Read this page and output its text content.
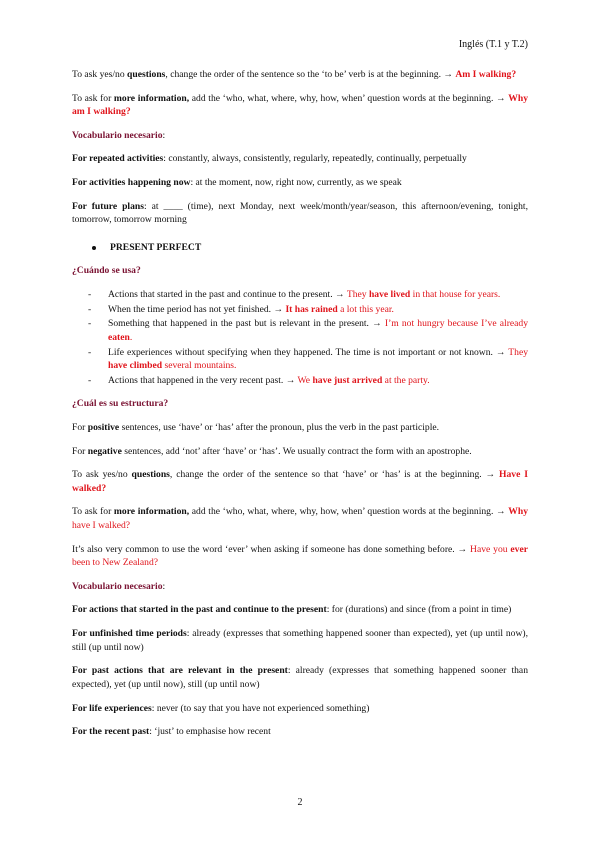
Inglés (T.1 y T.2)

To ask yes/no questions, change the order of the sentence so the ‘to be’ verb is at the beginning. → Am I walking?

To ask for more information, add the ‘who, what, where, why, how, when’ question words at the beginning. → Why am I walking?

Vocabulario necesario:

For repeated activities: constantly, always, consistently, regularly, repeatedly, continually, perpetually

For activities happening now: at the moment, now, right now, currently, as we speak

For future plans: at ____ (time), next Monday, next week/month/year/season, this afternoon/evening, tonight, tomorrow, tomorrow morning

PRESENT PERFECT

¿Cuándo se usa?

- Actions that started in the past and continue to the present. → They have lived in that house for years.
- When the time period has not yet finished. → It has rained a lot this year.
- Something that happened in the past but is relevant in the present. → I’m not hungry because I’ve already eaten.
- Life experiences without specifying when they happened. The time is not important or not known. → They have climbed several mountains.
- Actions that happened in the very recent past. → We have just arrived at the party.

¿Cuál es su estructura?

For positive sentences, use ‘have’ or ‘has’ after the pronoun, plus the verb in the past participle.

For negative sentences, add ‘not’ after ‘have’ or ‘has’. We usually contract the form with an apostrophe.

To ask yes/no questions, change the order of the sentence so that ‘have’ or ‘has’ is at the beginning. → Have I walked?

To ask for more information, add the ‘who, what, where, why, how, when’ question words at the beginning. → Why have I walked?

It’s also very common to use the word ‘ever’ when asking if someone has done something before. → Have you ever been to New Zealand?

Vocabulario necesario:

For actions that started in the past and continue to the present: for (durations) and since (from a point in time)

For unfinished time periods: already (expresses that something happened sooner than expected), yet (up until now), still (up until now)

For past actions that are relevant in the present: already (expresses that something happened sooner than expected), yet (up until now), still (up until now)

For life experiences: never (to say that you have not experienced something)

For the recent past: ‘just’ to emphasise how recent

2
